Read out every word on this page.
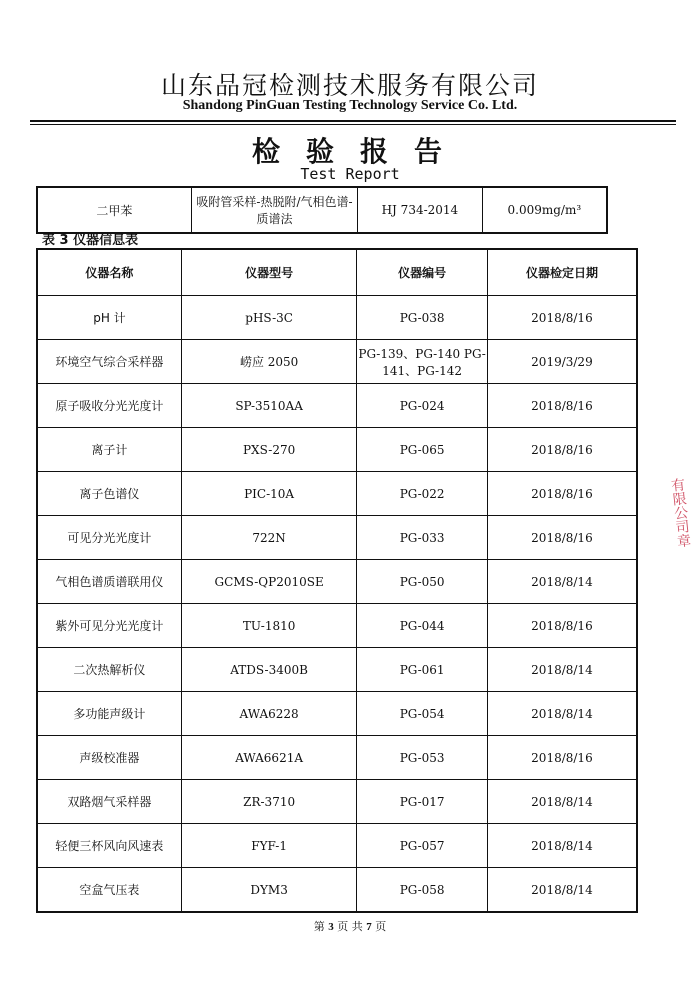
山东品冠检测技术服务有限公司
Shandong PinGuan Testing Technology Service Co. Ltd.
检验报告
Test Report
二甲苯	吸附管采样-热脱附/气相色谱-质谱法	HJ 734-2014	0.009mg/m³
表 3 仪器信息表
仪器名称	仪器型号	仪器编号	仪器检定日期
pH 计	pHS-3C	PG-038	2018/8/16
环境空气综合采样器	崂应 2050	PG-139、PG-140 PG-141、PG-142	2019/3/29
原子吸收分光光度计	SP-3510AA	PG-024	2018/8/16
离子计	PXS-270	PG-065	2018/8/16
离子色谱仪	PIC-10A	PG-022	2018/8/16
可见分光光度计	722N	PG-033	2018/8/16
气相色谱质谱联用仪	GCMS-QP2010SE	PG-050	2018/8/14
紫外可见分光光度计	TU-1810	PG-044	2018/8/16
二次热解析仪	ATDS-3400B	PG-061	2018/8/14
多功能声级计	AWA6228	PG-054	2018/8/14
声级校准器	AWA6621A	PG-053	2018/8/16
双路烟气采样器	ZR-3710	PG-017	2018/8/14
轻便三杯风向风速表	FYF-1	PG-057	2018/8/14
空盒气压表	DYM3	PG-058	2018/8/14
有限公司章
第 3 页 共 7 页
